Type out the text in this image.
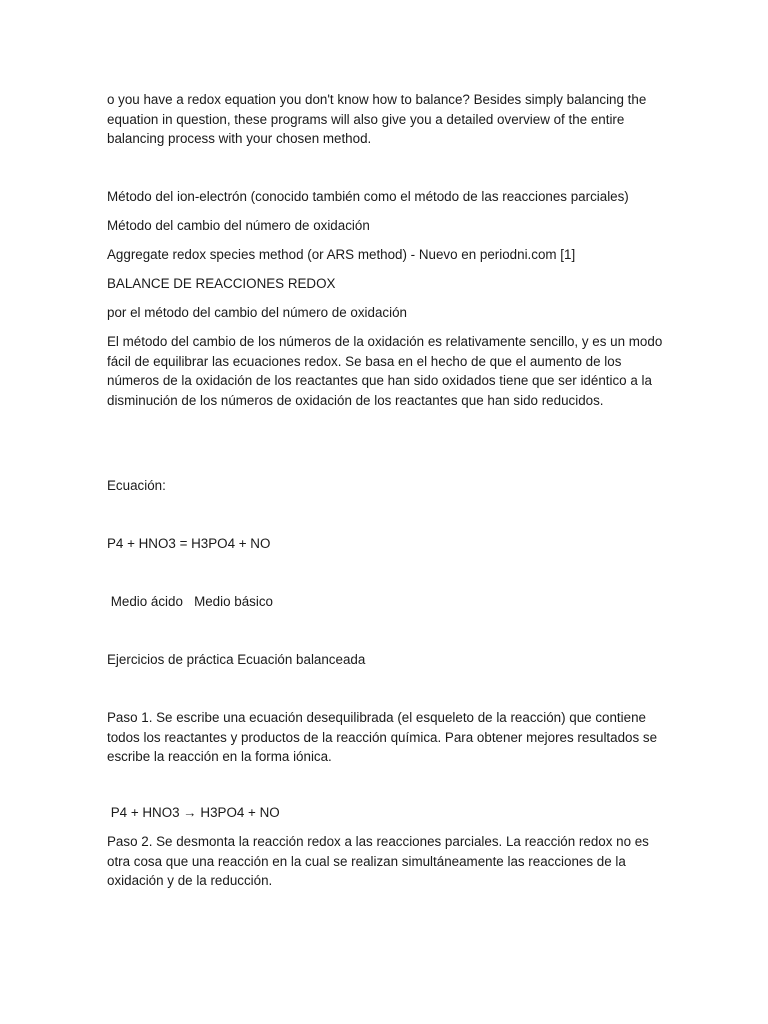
o you have a redox equation you don't know how to balance? Besides simply balancing the equation in question, these programs will also give you a detailed overview of the entire balancing process with your chosen method.

Método del ion-electrón (conocido también como el método de las reacciones parciales)

Método del cambio del número de oxidación

Aggregate redox species method (or ARS method) - Nuevo en periodni.com [1]

BALANCE DE REACCIONES REDOX

por el método del cambio del número de oxidación

El método del cambio de los números de la oxidación es relativamente sencillo, y es un modo fácil de equilibrar las ecuaciones redox. Se basa en el hecho de que el aumento de los números de la oxidación de los reactantes que han sido oxidados tiene que ser idéntico a la disminución de los números de oxidación de los reactantes que han sido reducidos.

Ecuación:

P4 + HNO3 = H3PO4 + NO

Medio ácido   Medio básico

Ejercicios de práctica Ecuación balanceada

Paso 1. Se escribe una ecuación desequilibrada (el esqueleto de la reacción) que contiene todos los reactantes y productos de la reacción química. Para obtener mejores resultados se escribe la reacción en la forma iónica.

P4 + HNO3 → H3PO4 + NO

Paso 2. Se desmonta la reacción redox a las reacciones parciales. La reacción redox no es otra cosa que una reacción en la cual se realizan simultáneamente las reacciones de la oxidación y de la reducción.
